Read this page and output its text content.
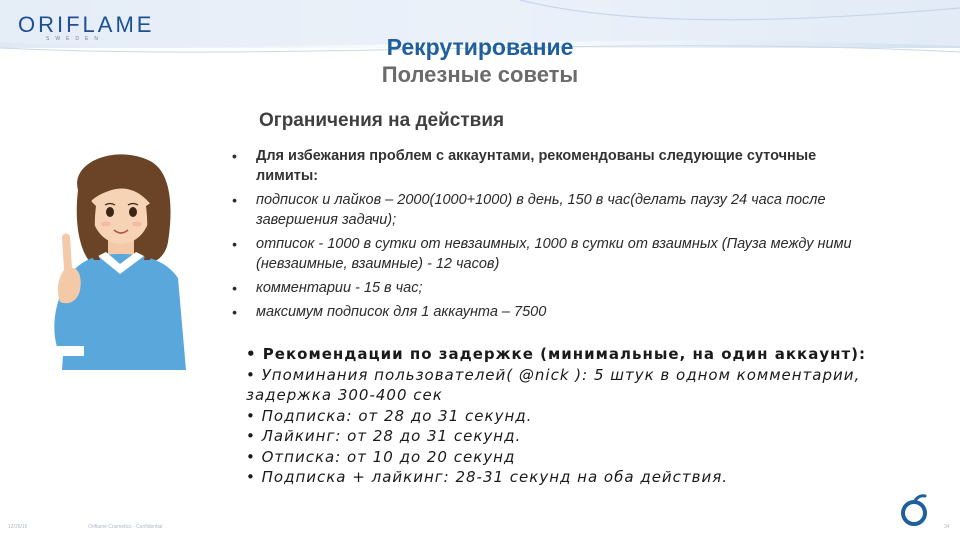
ORIFLAME
SWEDEN	Рекрутирование
Полезные советы
Ограничения на действия
• Для избежания проблем с аккаунтами, рекомендованы следующие суточные лимиты:
• подписок и лайков – 2000(1000+1000) в день, 150 в час(делать паузу 24 часа после завершения задачи);
• отписок - 1000 в сутки от невзаимных, 1000 в сутки от взаимных (Пауза между ними (невзаимные, взаимные) - 12 часов)
• комментарии - 15 в час;
• максимум подписок для 1 аккаунта – 7500

• Рекомендации по задержке (минимальные, на один аккаунт):

• Упоминания пользователей( @nick ): 5 штук в одном комментарии, задержка 300-400 сек

• Подписка: от 28 до 31 секунд.

• Лайкинг: от 28 до 31 секунд.

• Отписка: от 10 до 20 секунд

• Подписка + лайкинг: 28-31 секунд на оба действия.

12/26/16	Oriflame Cosmetics - Confidential	34
